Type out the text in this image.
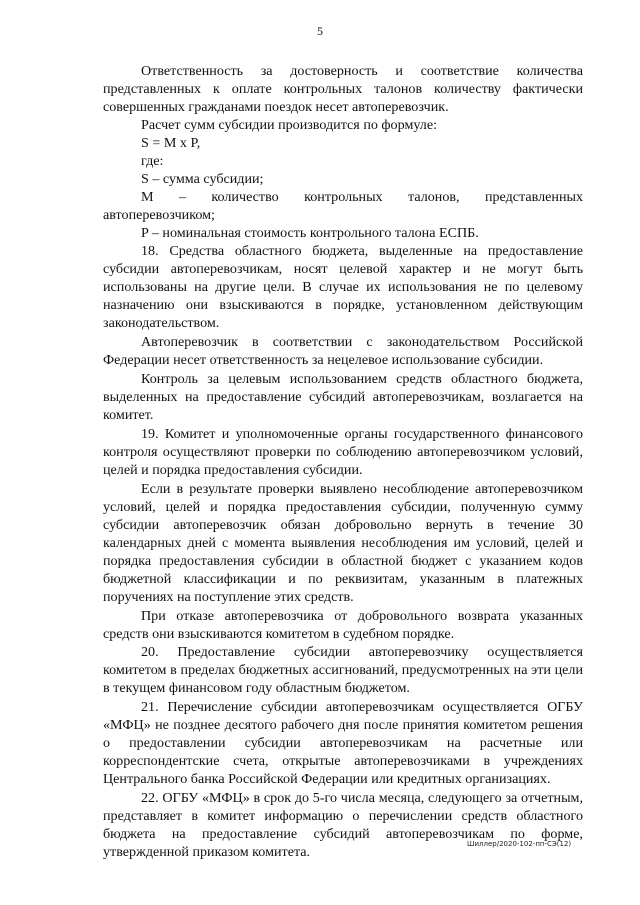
5

Ответственность за достоверность и соответствие количества представленных к оплате контрольных талонов количеству фактически совершенных гражданами поездок несет автоперевозчик.

Расчет сумм субсидии производится по формуле:

S = M x P,

где:

S – сумма субсидии;

M – количество контрольных талонов, представленных автоперевозчиком;

P – номинальная стоимость контрольного талона ЕСПБ.

18. Средства областного бюджета, выделенные на предоставление субсидии автоперевозчикам, носят целевой характер и не могут быть использованы на другие цели. В случае их использования не по целевому назначению они взыскиваются в порядке, установленном действующим законодательством.

Автоперевозчик в соответствии с законодательством Российской Федерации несет ответственность за нецелевое использование субсидии.

Контроль за целевым использованием средств областного бюджета, выделенных на предоставление субсидий автоперевозчикам, возлагается на комитет.

19. Комитет и уполномоченные органы государственного финансового контроля осуществляют проверки по соблюдению автоперевозчиком условий, целей и порядка предоставления субсидии.

Если в результате проверки выявлено несоблюдение автоперевозчиком условий, целей и порядка предоставления субсидии, полученную сумму субсидии автоперевозчик обязан добровольно вернуть в течение 30 календарных дней с момента выявления несоблюдения им условий, целей и порядка предоставления субсидии в областной бюджет с указанием кодов бюджетной классификации и по реквизитам, указанным в платежных поручениях на поступление этих средств.

При отказе автоперевозчика от добровольного возврата указанных средств они взыскиваются комитетом в судебном порядке.

20. Предоставление субсидии автоперевозчику осуществляется комитетом в пределах бюджетных ассигнований, предусмотренных на эти цели в текущем финансовом году областным бюджетом.

21. Перечисление субсидии автоперевозчикам осуществляется ОГБУ «МФЦ» не позднее десятого рабочего дня после принятия комитетом решения о предоставлении субсидии автоперевозчикам на расчетные или корреспондентские счета, открытые автоперевозчиками в учреждениях Центрального банка Российской Федерации или кредитных организациях.

22. ОГБУ «МФЦ» в срок до 5-го числа месяца, следующего за отчетным, представляет в комитет информацию о перечислении средств областного бюджета на предоставление субсидий автоперевозчикам по форме, утвержденной приказом комитета.	Шиллер/2020-102-пп-СЭ(12)
